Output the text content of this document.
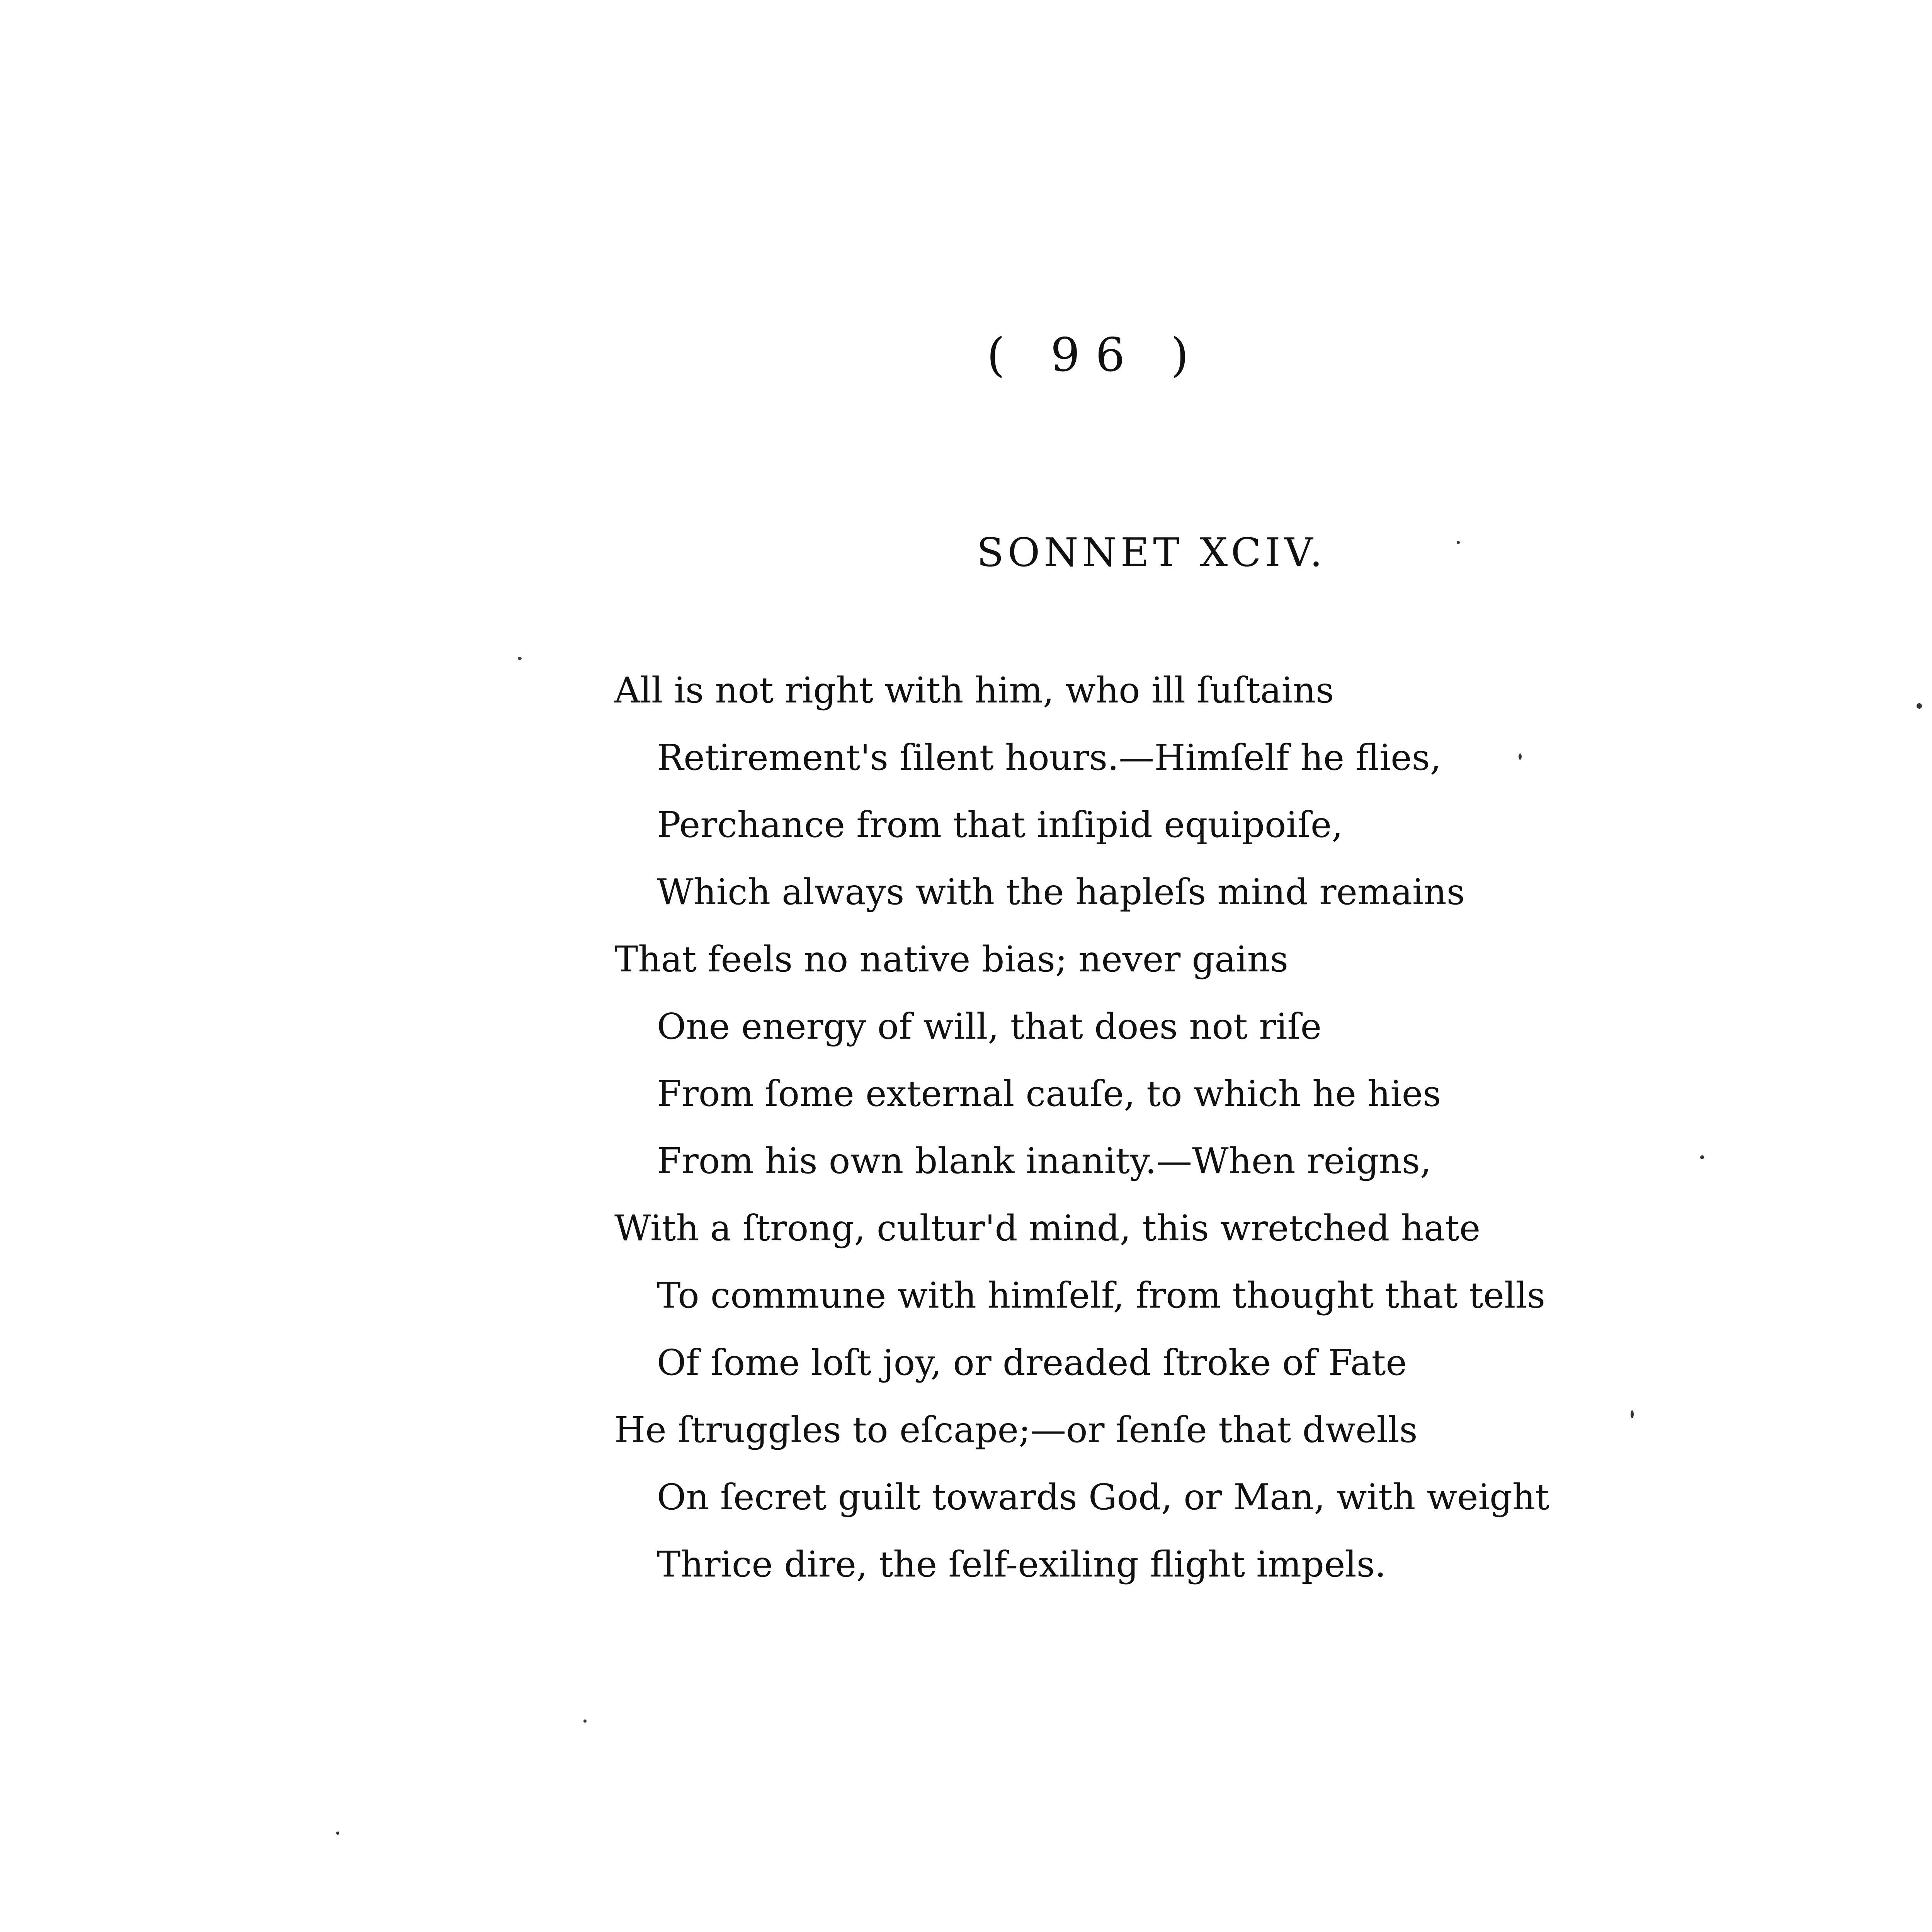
( 96 )
SONNET XCIV.
All is not right with him, who ill ſuſtains
Retirement's ſilent hours.—Himſelf he flies,
Perchance from that inſipid equipoiſe,
Which always with the hapleſs mind remains
That feels no native bias; never gains
One energy of will, that does not riſe
From ſome external cauſe, to which he hies
From his own blank inanity.—When reigns,
With a ſtrong, cultur'd mind, this wretched hate
To commune with himſelf, from thought that tells
Of ſome loſt joy, or dreaded ſtroke of Fate
He ſtruggles to eſcape;—or ſenſe that dwells
On ſecret guilt towards God, or Man, with weight
Thrice dire, the ſelf-exiling flight impels.
